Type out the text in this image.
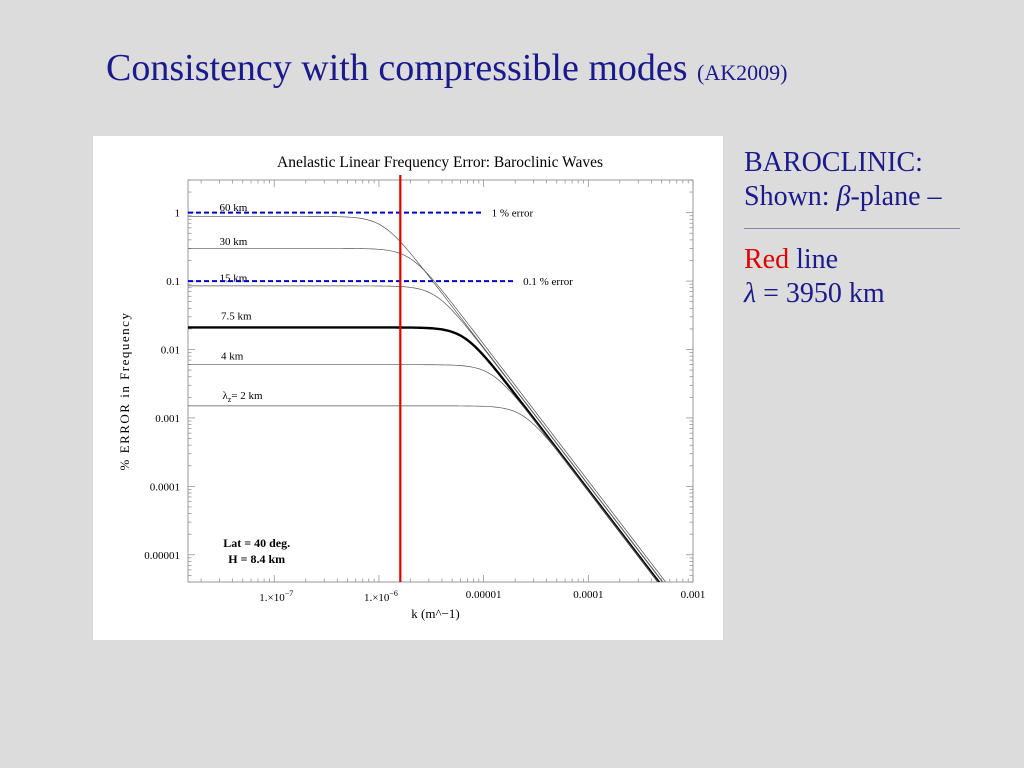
Consistency with compressible modes (AK2009)
Anelastic Linear Frequency Error: Baroclinic Waves
$1.\times 10^{-7}$	$1.\times 10^{-6}$	0.00001	0.0001	0.001
1
0.1
0.01
0.001
0.0001
0.00001
k (m^−1)
% ERROR in Frequency
60 km
30 km
15 km
7.5 km
4 km
$\lambda_z= 2$ km
1 % error
0.1 % error
Lat = 40 deg.
H = 8.4 km
BAROCLINIC:
Shown: β-plane –
Red line
λ = 3950 km
